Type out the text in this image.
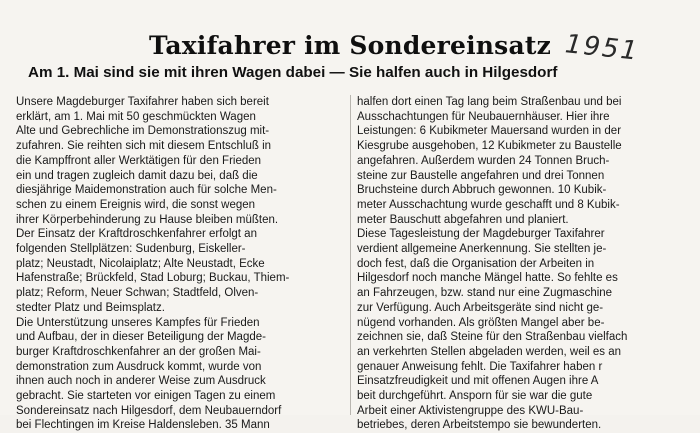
Taxifahrer im Sondereinsatz 1951
Am 1. Mai sind sie mit ihren Wagen dabei — Sie halfen auch in Hilgesdorf
Unsere Magdeburger Taxifahrer haben sich bereit
erklärt, am 1. Mai mit 50 geschmückten Wagen
Alte und Gebrechliche im Demonstrationszug mit-
zufahren. Sie reihten sich mit diesem Entschluß in
die Kampffront aller Werktätigen für den Frieden
ein und tragen zugleich damit dazu bei, daß die
diesjährige Maidemonstration auch für solche Men-
schen zu einem Ereignis wird, die sonst wegen
ihrer Körperbehinderung zu Hause bleiben müßten.
Der Einsatz der Kraftdroschkenfahrer erfolgt an
folgenden Stellplätzen: Sudenburg, Eiskeller-
platz; Neustadt, Nicolaiplatz; Alte Neustadt, Ecke
Hafenstraße; Brückfeld, Stad Loburg; Buckau, Thiem-
platz; Reform, Neuer Schwan; Stadtfeld, Olven-
stedter Platz und Beimsplatz.
Die Unterstützung unseres Kampfes für Frieden
und Aufbau, der in dieser Beteiligung der Magde-
burger Kraftdroschkenfahrer an der großen Mai-
demonstration zum Ausdruck kommt, wurde von
ihnen auch noch in anderer Weise zum Ausdruck
gebracht. Sie starteten vor einigen Tagen zu einem
Sondereinsatz nach Hilgesdorf, dem Neubauerndorf
bei Flechtingen im Kreise Haldensleben. 35 Mann
halfen dort einen Tag lang beim Straßenbau und bei
Ausschachtungen für Neubauernhäuser. Hier ihre
Leistungen: 6 Kubikmeter Mauersand wurden in der
Kiesgrube ausgehoben, 12 Kubikmeter zu Baustelle
angefahren. Außerdem wurden 24 Tonnen Bruch-
steine zur Baustelle angefahren und drei Tonnen
Bruchsteine durch Abbruch gewonnen. 10 Kubik-
meter Ausschachtung wurde geschafft und 8 Kubik-
meter Bauschutt abgefahren und planiert.
Diese Tagesleistung der Magdeburger Taxifahrer
verdient allgemeine Anerkennung. Sie stellten je-
doch fest, daß die Organisation der Arbeiten in
Hilgesdorf noch manche Mängel hatte. So fehlte es
an Fahrzeugen, bzw. stand nur eine Zugmaschine
zur Verfügung. Auch Arbeitsgeräte sind nicht ge-
nügend vorhanden. Als größten Mangel aber be-
zeichnen sie, daß Steine für den Straßenbau vielfach
an verkehrten Stellen abgeladen werden, weil es an
genauer Anweisung fehlt. Die Taxifahrer haben r
Einsatzfreudigkeit und mit offenen Augen ihre A
beit durchgeführt. Ansporn für sie war die gute
Arbeit einer Aktivistengruppe des KWU-Bau-
betriebes, deren Arbeitstempo sie bewunderten.
